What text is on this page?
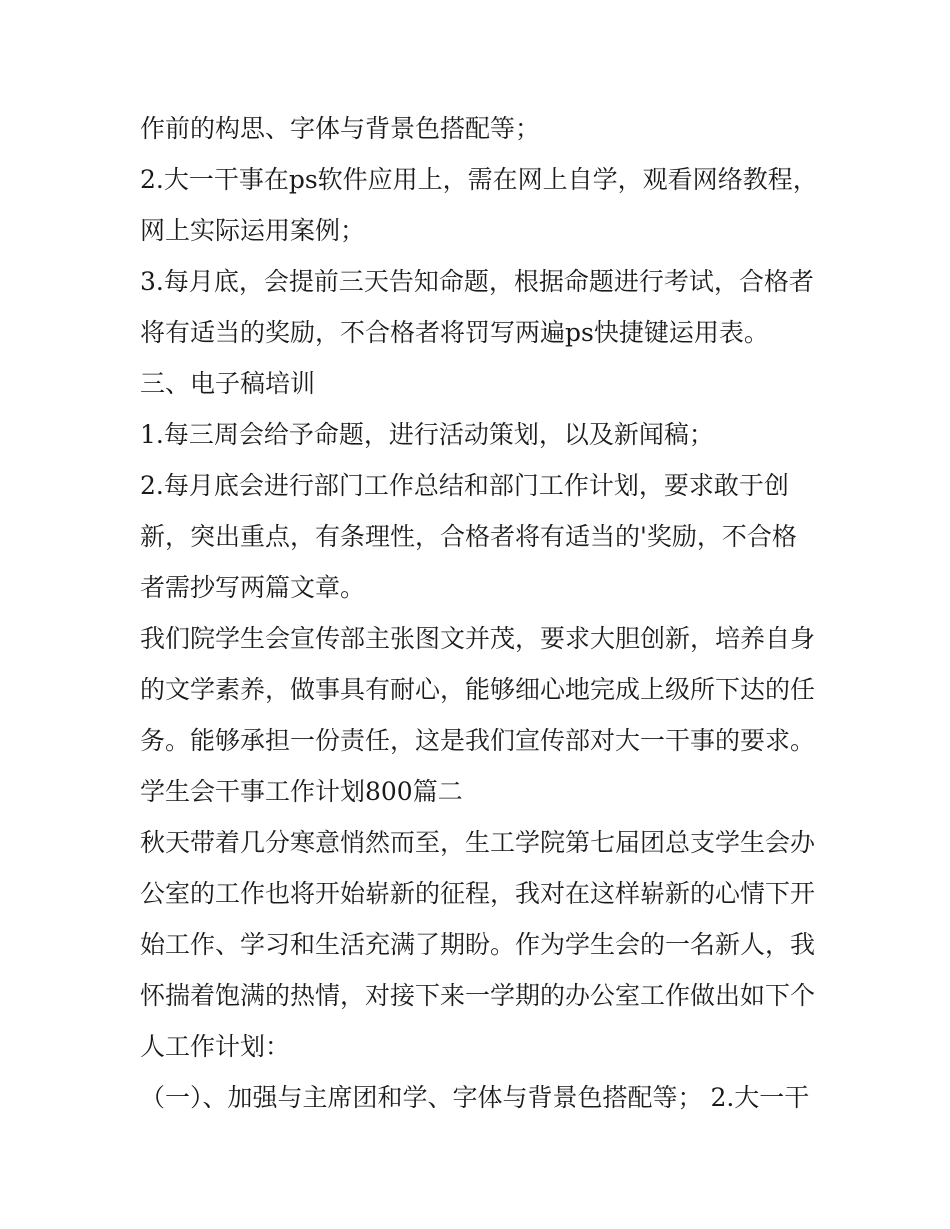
作前的构思、字体与背景色搭配等；
2.大一干事在ps软件应用上，需在网上自学，观看网络教程，
网上实际运用案例；
3.每月底，会提前三天告知命题，根据命题进行考试，合格者
将有适当的奖励，不合格者将罚写两遍ps快捷键运用表。
三、电子稿培训
1.每三周会给予命题，进行活动策划，以及新闻稿；
2.每月底会进行部门工作总结和部门工作计划，要求敢于创
新，突出重点，有条理性，合格者将有适当的'奖励，不合格
者需抄写两篇文章。
我们院学生会宣传部主张图文并茂，要求大胆创新，培养自身
的文学素养，做事具有耐心，能够细心地完成上级所下达的任
务。能够承担一份责任，这是我们宣传部对大一干事的要求。
学生会干事工作计划800篇二
秋天带着几分寒意悄然而至，生工学院第七届团总支学生会办
公室的工作也将开始崭新的征程，我对在这样崭新的心情下开
始工作、学习和生活充满了期盼。作为学生会的一名新人，我
怀揣着饱满的热情，对接下来一学期的办公室工作做出如下个
人工作计划：
（一）、加强与主席团和学、字体与背景色搭配等； 2.大一干
